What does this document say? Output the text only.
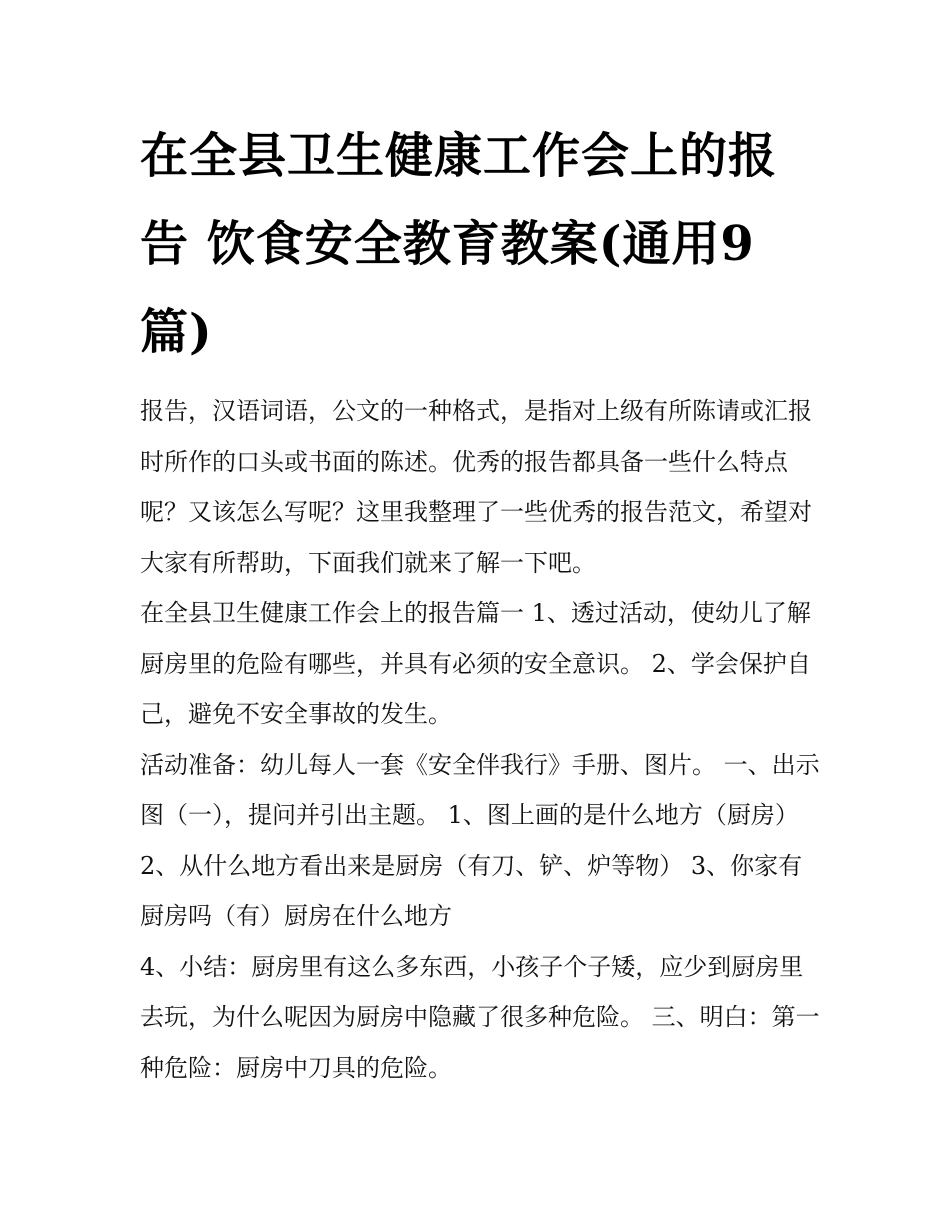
在全县卫生健康工作会上的报告 饮食安全教育教案(通用9篇)

报告，汉语词语，公文的一种格式，是指对上级有所陈请或汇报时所作的口头或书面的陈述。优秀的报告都具备一些什么特点呢？又该怎么写呢？这里我整理了一些优秀的报告范文，希望对大家有所帮助，下面我们就来了解一下吧。

在全县卫生健康工作会上的报告篇一 1、透过活动，使幼儿了解厨房里的危险有哪些，并具有必须的安全意识。 2、学会保护自己，避免不安全事故的发生。

活动准备：幼儿每人一套《安全伴我行》手册、图片。 一、出示图（一），提问并引出主题。 1、图上画的是什么地方（厨房）

2、从什么地方看出来是厨房（有刀、铲、炉等物） 3、你家有厨房吗（有）厨房在什么地方

4、小结：厨房里有这么多东西，小孩子个子矮，应少到厨房里去玩，为什么呢因为厨房中隐藏了很多种危险。 三、明白：第一种危险：厨房中刀具的危险。
